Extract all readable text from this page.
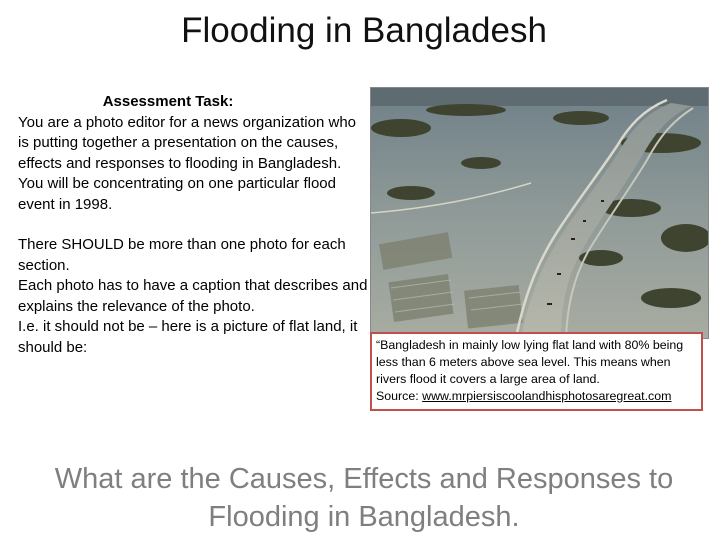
Flooding in Bangladesh

Assessment Task:

You are a photo editor for a news organization who is putting together a presentation on the causes, effects and responses to flooding in Bangladesh. You will be concentrating on one particular flood event in 1998.

There SHOULD be more than one photo for each section.

Each photo has to have a caption that describes and explains the relevance of the photo.

I.e. it should not be – here is a picture of flat land, it should be:	“Bangladesh in mainly low lying flat land with 80% being less than 6 meters above sea level. This means when rivers flood it covers a large area of land.
Source: www.mrpiersiscoolandhisphotosaregreat.com
What are the Causes, Effects and Responses to Flooding in Bangladesh.
